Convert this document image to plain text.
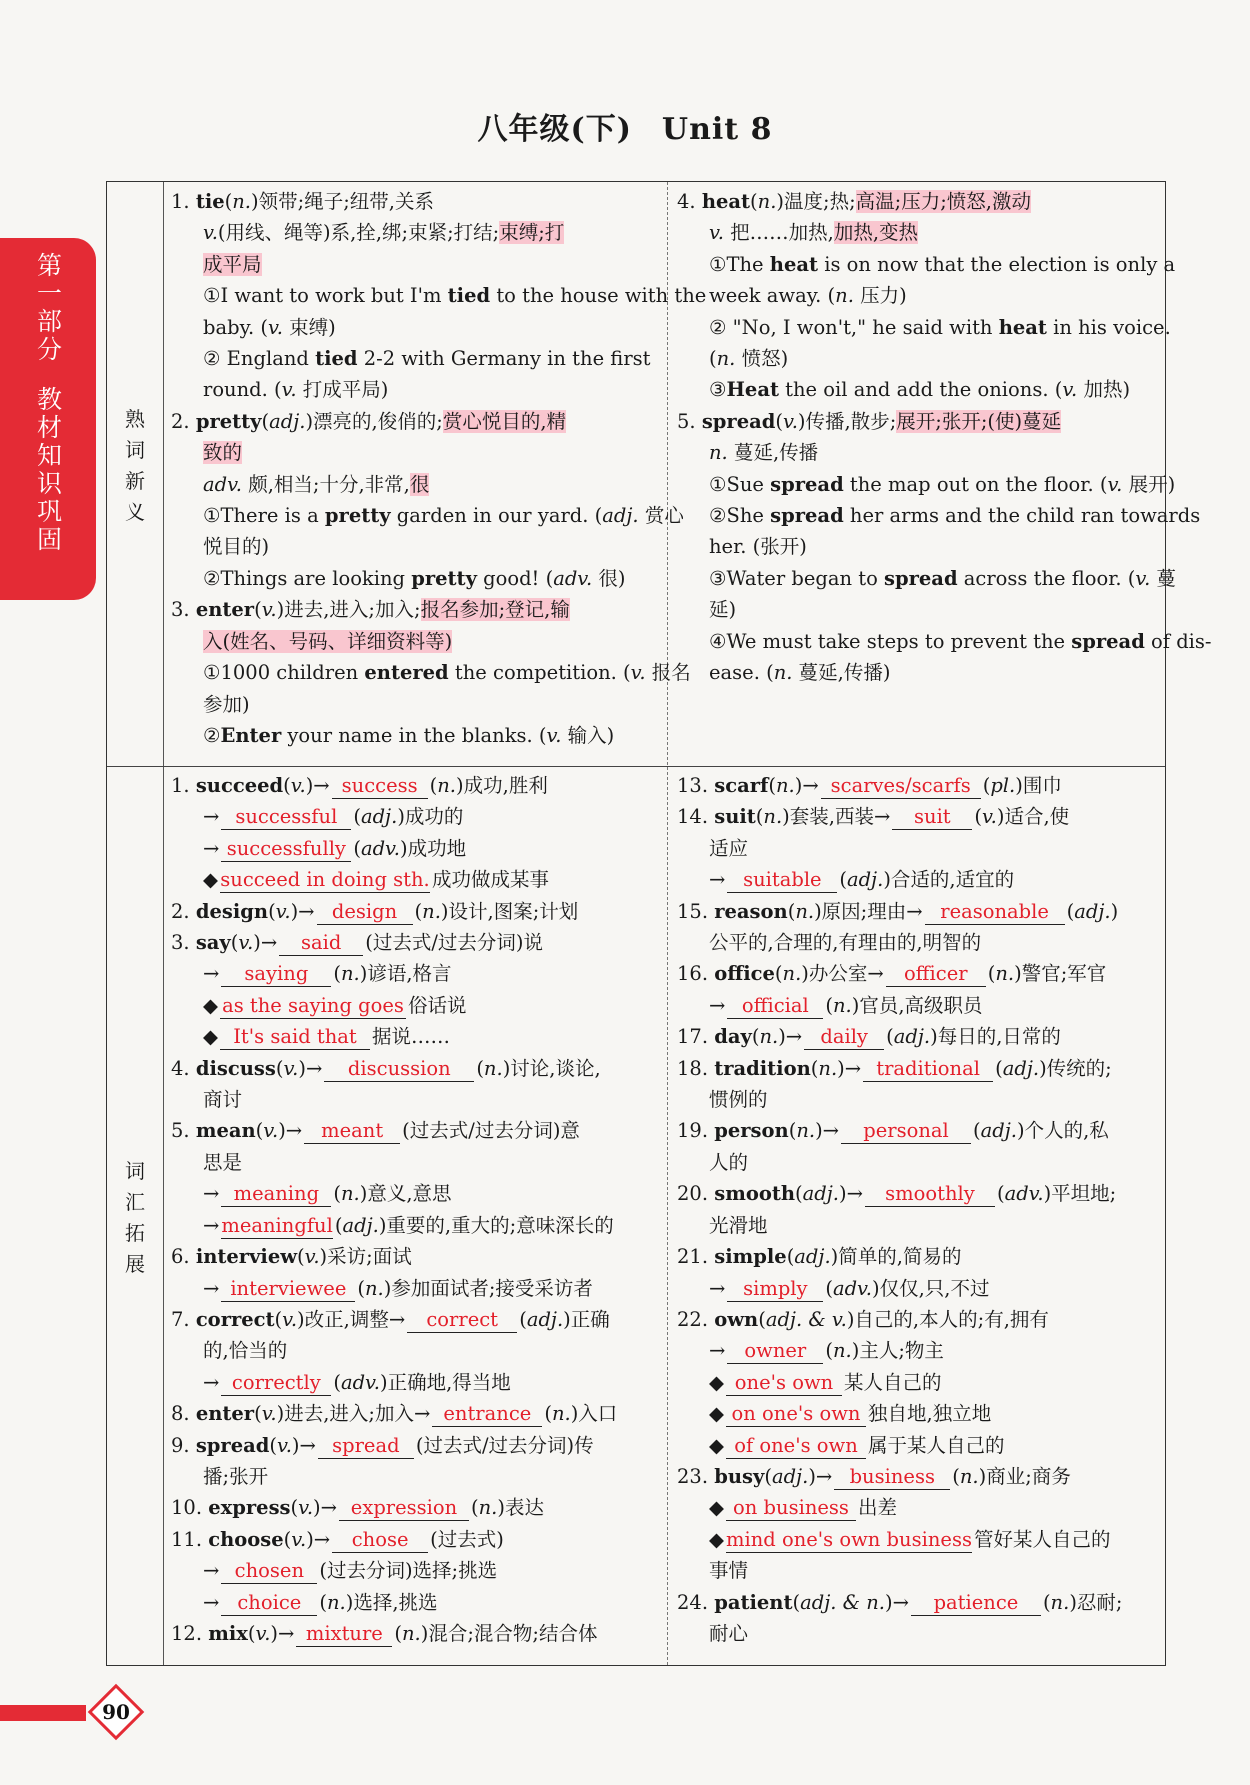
八年级(下) Unit 8
第一部分
教材知识巩固	熟
词
新
义
词
汇
拓
展
1. tie(n.)领带;绳子;纽带,关系
v.(用线、绳等)系,拴,绑;束紧;打结;束缚;打
成平局
①I want to work but I'm tied to the house with the
baby. (v. 束缚)
② England tied 2-2 with Germany in the first
round. (v. 打成平局)
2. pretty(adj.)漂亮的,俊俏的;赏心悦目的,精
致的
adv. 颇,相当;十分,非常,很
①There is a pretty garden in our yard. (adj. 赏心
悦目的)
②Things are looking pretty good! (adv. 很)
3. enter(v.)进去,进入;加入;报名参加;登记,输
入(姓名、号码、详细资料等)
①1000 children entered the competition. (v. 报名
参加)
②Enter your name in the blanks. (v. 输入)
4. heat(n.)温度;热;高温;压力;愤怒,激动
v. 把……加热,加热,变热
①The heat is on now that the election is only a
week away. (n. 压力)
② "No, I won't," he said with heat in his voice.
(n. 愤怒)
③Heat the oil and add the onions. (v. 加热)
5. spread(v.)传播,散步;展开;张开;(使)蔓延
n. 蔓延,传播
①Sue spread the map out on the floor. (v. 展开)
②She spread her arms and the child ran towards
her. (张开)
③Water began to spread across the floor. (v. 蔓
延)
④We must take steps to prevent the spread of dis-
ease. (n. 蔓延,传播)
1. succeed(v.)→ success (n.)成功,胜利
→ successful (adj.)成功的
→ successfully (adv.)成功地
◆ succeed in doing sth. 成功做成某事
2. design(v.)→ design (n.)设计,图案;计划
3. say(v.)→ said (过去式/过去分词)说
→ saying (n.)谚语,格言
◆ as the saying goes 俗话说
◆ It's said that 据说……
4. discuss(v.)→ discussion (n.)讨论,谈论,
商讨
5. mean(v.)→ meant (过去式/过去分词)意
思是
→ meaning (n.)意义,意思
→ meaningful (adj.)重要的,重大的;意味深长的
6. interview(v.)采访;面试
→ interviewee (n.)参加面试者;接受采访者
7. correct(v.)改正,调整→ correct (adj.)正确
的,恰当的
→ correctly (adv.)正确地,得当地
8. enter(v.)进去,进入;加入→ entrance (n.)入口
9. spread(v.)→ spread (过去式/过去分词)传
播;张开
10. express(v.)→ expression (n.)表达
11. choose(v.)→ chose (过去式)
→ chosen (过去分词)选择;挑选
→ choice (n.)选择,挑选
12. mix(v.)→ mixture (n.)混合;混合物;结合体
13. scarf(n.)→ scarves/scarfs (pl.)围巾
14. suit(n.)套装,西装→ suit (v.)适合,使
适应
→ suitable (adj.)合适的,适宜的
15. reason(n.)原因;理由→ reasonable (adj.)
公平的,合理的,有理由的,明智的
16. office(n.)办公室→ officer (n.)警官;军官
→ official (n.)官员,高级职员
17. day(n.)→ daily (adj.)每日的,日常的
18. tradition(n.)→ traditional (adj.)传统的;
惯例的
19. person(n.)→ personal (adj.)个人的,私
人的
20. smooth(adj.)→ smoothly (adv.)平坦地;
光滑地
21. simple(adj.)简单的,简易的
→ simply (adv.)仅仅,只,不过
22. own(adj. & v.)自己的,本人的;有,拥有
→ owner (n.)主人;物主
◆ one's own 某人自己的
◆ on one's own 独自地,独立地
◆ of one's own 属于某人自己的
23. busy(adj.)→ business (n.)商业;商务
◆ on business 出差
◆ mind one's own business 管好某人自己的
事情
24. patient(adj. & n.)→ patience (n.)忍耐;
耐心
90
